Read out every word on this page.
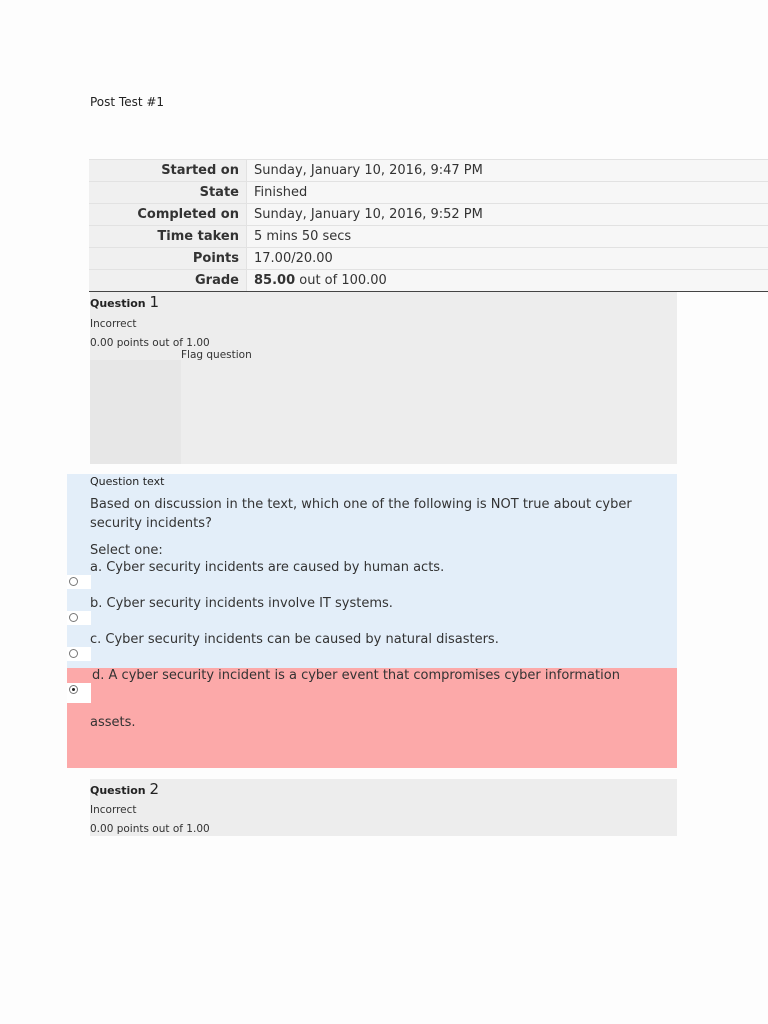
Post Test #1
Started on	Sunday, January 10, 2016, 9:47 PM
State	Finished
Completed on	Sunday, January 10, 2016, 9:52 PM
Time taken	5 mins 50 secs
Points	17.00/20.00
Grade	85.00 out of 100.00
Question 1
Incorrect
0.00 points out of 1.00
Flag question
Question text
Based on discussion in the text, which one of the following is NOT true about cyber security incidents?
Select one:
a. Cyber security incidents are caused by human acts.
b. Cyber security incidents involve IT systems.
c. Cyber security incidents can be caused by natural disasters.
d. A cyber security incident is a cyber event that compromises cyber information
assets.
Question 2
Incorrect
0.00 points out of 1.00
